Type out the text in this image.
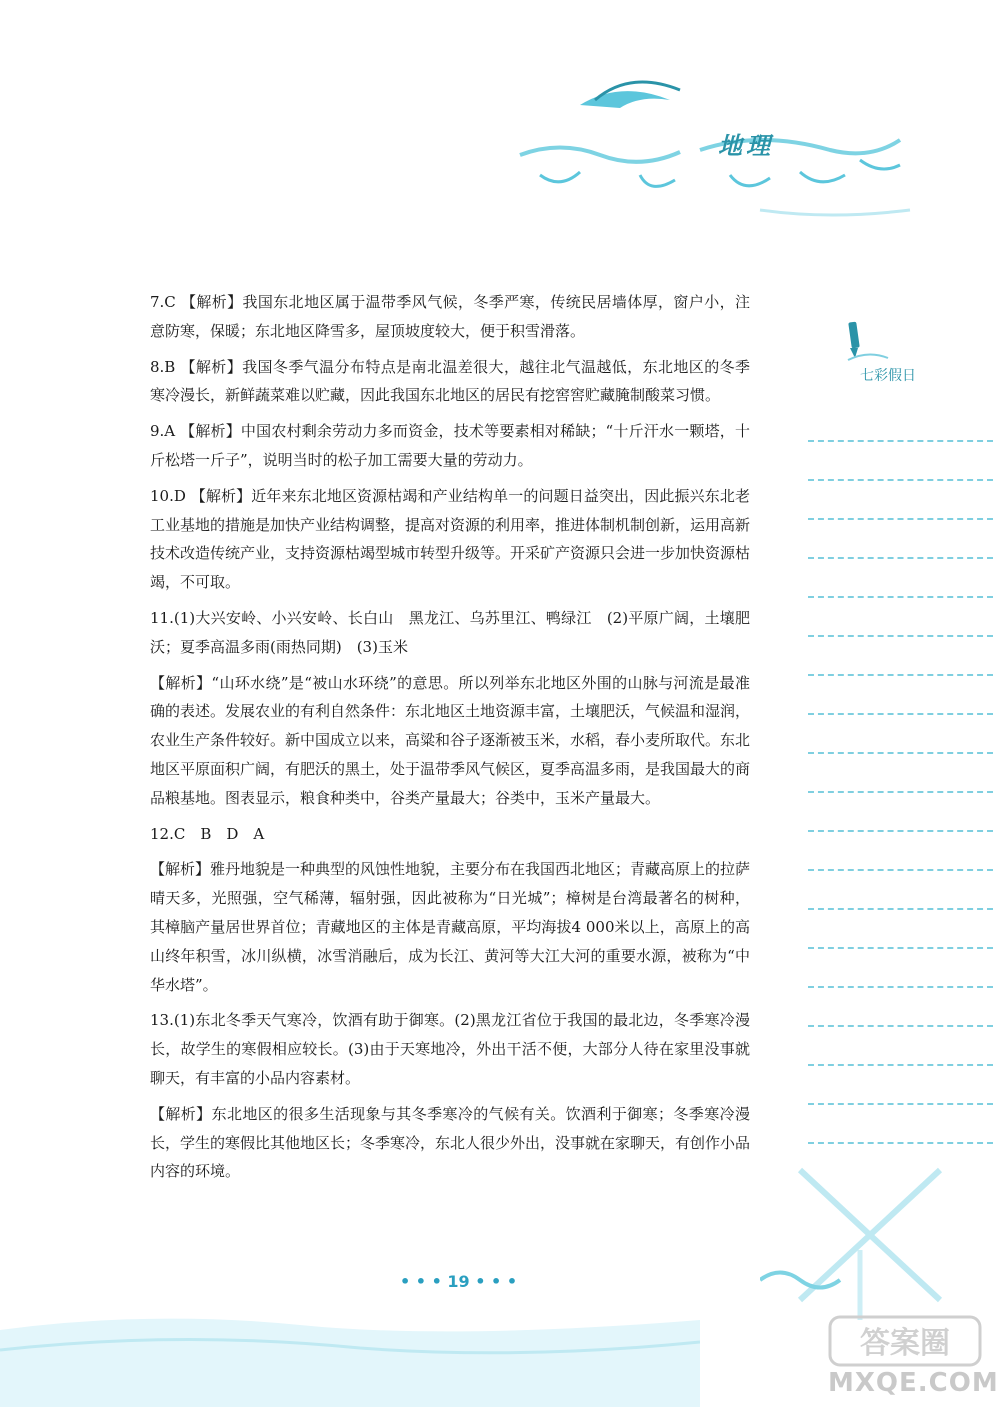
地理
七彩假日

7.C 【解析】我国东北地区属于温带季风气候，冬季严寒，传统民居墙体厚，窗户小，注意防寒，保暖；东北地区降雪多，屋顶坡度较大，便于积雪滑落。

8.B 【解析】我国冬季气温分布特点是南北温差很大，越往北气温越低，东北地区的冬季寒冷漫长，新鲜蔬菜难以贮藏，因此我国东北地区的居民有挖窖窖贮藏腌制酸菜习惯。

9.A 【解析】中国农村剩余劳动力多而资金，技术等要素相对稀缺；“十斤汗水一颗塔，十斤松塔一斤子”，说明当时的松子加工需要大量的劳动力。

10.D 【解析】近年来东北地区资源枯竭和产业结构单一的问题日益突出，因此振兴东北老工业基地的措施是加快产业结构调整，提高对资源的利用率，推进体制机制创新，运用高新技术改造传统产业，支持资源枯竭型城市转型升级等。开采矿产资源只会进一步加快资源枯竭，不可取。

11.(1)大兴安岭、小兴安岭、长白山　黑龙江、乌苏里江、鸭绿江　(2)平原广阔，土壤肥沃；夏季高温多雨(雨热同期)　(3)玉米

【解析】“山环水绕”是“被山水环绕”的意思。所以列举东北地区外围的山脉与河流是最准确的表述。发展农业的有利自然条件：东北地区土地资源丰富，土壤肥沃，气候温和湿润，农业生产条件较好。新中国成立以来，高粱和谷子逐渐被玉米，水稻，春小麦所取代。东北地区平原面积广阔，有肥沃的黑土，处于温带季风气候区，夏季高温多雨，是我国最大的商品粮基地。图表显示，粮食种类中，谷类产量最大；谷类中，玉米产量最大。

12.C　B　D　A

【解析】雅丹地貌是一种典型的风蚀性地貌，主要分布在我国西北地区；青藏高原上的拉萨晴天多，光照强，空气稀薄，辐射强，因此被称为“日光城”；樟树是台湾最著名的树种，其樟脑产量居世界首位；青藏地区的主体是青藏高原，平均海拔4 000米以上，高原上的高山终年积雪，冰川纵横，冰雪消融后，成为长江、黄河等大江大河的重要水源，被称为“中华水塔”。

13.(1)东北冬季天气寒冷，饮酒有助于御寒。(2)黑龙江省位于我国的最北边，冬季寒冷漫长，故学生的寒假相应较长。(3)由于天寒地冷，外出干活不便，大部分人待在家里没事就聊天，有丰富的小品内容素材。

【解析】东北地区的很多生活现象与其冬季寒冷的气候有关。饮酒利于御寒；冬季寒冷漫长，学生的寒假比其他地区长；冬季寒冷，东北人很少外出，没事就在家聊天，有创作小品内容的环境。

• • • 19 • • •
答案圈
MXQE.COM
